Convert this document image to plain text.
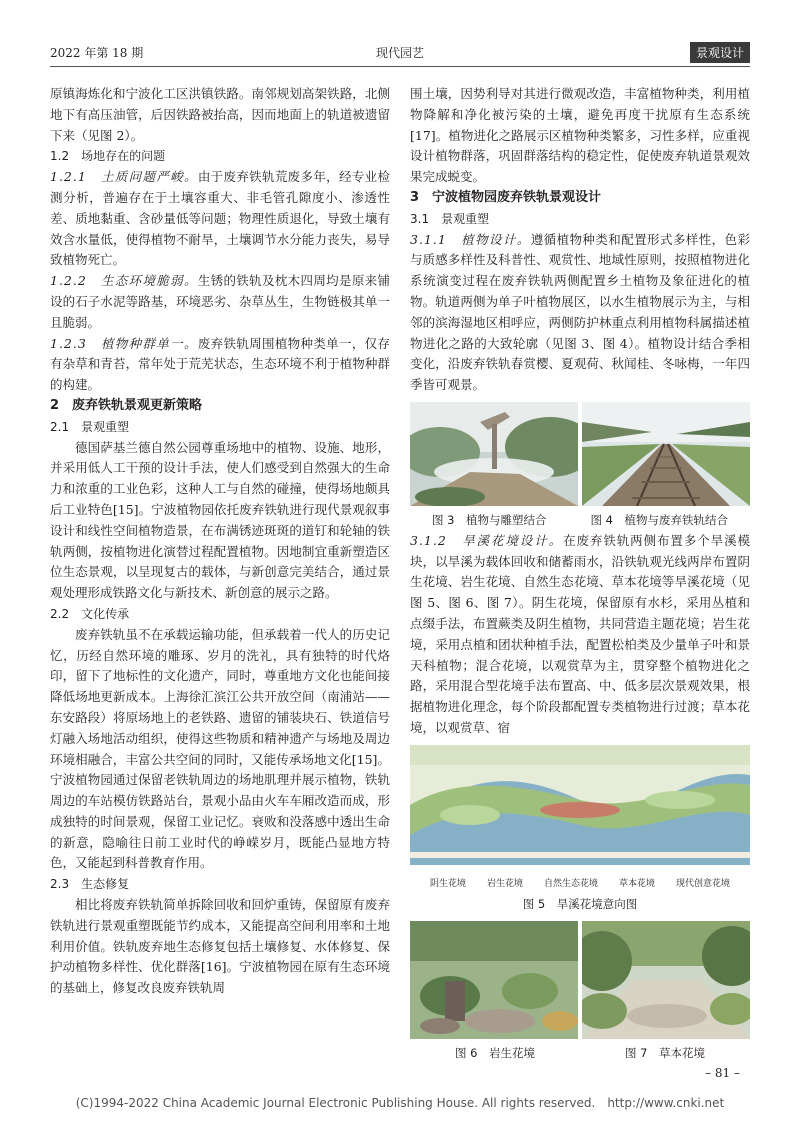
2022 年第 18 期	现代园艺	景观设计

原镇海炼化和宁波化工区洪镇铁路。南邻规划高架铁路，北侧地下有高压油管，后因铁路被抬高，因而地面上的轨道被遗留下来（见图 2）。

1.2　场地存在的问题

1.2.1　土质问题严峻。由于废弃铁轨荒废多年，经专业检测分析，普遍存在于土壤容重大、非毛管孔隙度小、渗透性差、质地黏重、含砂量低等问题；物理性质退化，导致土壤有效含水量低，使得植物不耐旱，土壤调节水分能力丧失，易导致植物死亡。

1.2.2　生态环境脆弱。生锈的铁轨及枕木四周均是原来铺设的石子水泥等路基，环境恶劣、杂草丛生，生物链极其单一且脆弱。

1.2.3　植物种群单一。废弃铁轨周围植物种类单一，仅存有杂草和青苔，常年处于荒芜状态，生态环境不利于植物种群的构建。

2　废弃铁轨景观更新策略

2.1　景观重塑

德国萨基兰德自然公园尊重场地中的植物、设施、地形，并采用低人工干预的设计手法，使人们感受到自然强大的生命力和浓重的工业色彩，这种人工与自然的碰撞，使得场地颇具后工业特色[15]。宁波植物园依托废弃铁轨进行现代景观叙事设计和线性空间植物造景，在布满锈迹斑斑的道钉和轮轴的铁轨两侧，按植物进化演替过程配置植物。因地制宜重新塑造区位生态景观，以呈现复古的载体，与新创意完美结合，通过景观处理形成铁路文化与新技术、新创意的展示之路。

2.2　文化传承

废弃铁轨虽不在承载运输功能，但承载着一代人的历史记忆，历经自然环境的雕琢、岁月的洗礼，具有独特的时代烙印，留下了地标性的文化遗产，同时，尊重地方文化也能间接降低场地更新成本。上海徐汇滨江公共开放空间（南浦站——东安路段）将原场地上的老铁路、遗留的铺装块石、铁道信号灯融入场地活动组织，使得这些物质和精神遗产与场地及周边环境相融合，丰富公共空间的同时，又能传承场地文化[15]。宁波植物园通过保留老铁轨周边的场地肌理并展示植物，铁轨周边的车站模仿铁路站台，景观小品由火车车厢改造而成，形成独特的时间景观，保留工业记忆。衰败和没落感中透出生命的新意，隐喻往日前工业时代的峥嵘岁月，既能凸显地方特色，又能起到科普教育作用。

2.3　生态修复

相比将废弃铁轨简单拆除回收和回炉重铸，保留原有废弃铁轨进行景观重塑既能节约成本，又能提高空间利用率和土地利用价值。铁轨废弃地生态修复包括土壤修复、水体修复、保护动植物多样性、优化群落[16]。宁波植物园在原有生态环境的基础上，修复改良废弃铁轨周

围土壤，因势利导对其进行微观改造，丰富植物种类，利用植物降解和净化被污染的土壤，避免再度干扰原有生态系统[17]。植物进化之路展示区植物种类繁多，习性多样，应重视设计植物群落，巩固群落结构的稳定性，促使废弃轨道景观效果完成蜕变。

3　宁波植物园废弃铁轨景观设计

3.1　景观重塑

3.1.1　植物设计。遵循植物种类和配置形式多样性，色彩与质感多样性及科普性、观赏性、地域性原则，按照植物进化系统演变过程在废弃铁轨两侧配置乡土植物及象征进化的植物。轨道两侧为单子叶植物展区，以水生植物展示为主，与相邻的滨海湿地区相呼应，两侧防护林重点利用植物科属描述植物进化之路的大致轮廓（见图 3、图 4）。植物设计结合季相变化，沿废弃铁轨春赏樱、夏观荷、秋闻桂、冬咏梅，一年四季皆可观景。

图 3　植物与雕塑结合	图 4　植物与废弃铁轨结合

3.1.2　旱溪花境设计。在废弃铁轨两侧布置多个旱溪模块，以旱溪为载体回收和储蓄雨水，沿铁轨观光线两岸布置阴生花境、岩生花境、自然生态花境、草本花境等旱溪花境（见图 5、图 6、图 7）。阴生花境，保留原有水杉，采用丛植和点缀手法，布置蕨类及阴生植物，共同营造主题花境；岩生花境，采用点植和团状种植手法，配置松柏类及少量单子叶和景天科植物；混合花境，以观赏草为主，贯穿整个植物进化之路，采用混合型花境手法布置高、中、低多层次景观效果，根据植物进化理念，每个阶段都配置专类植物进行过渡；草本花境，以观赏草、宿

阴生花境 岩生花境 自然生态花境 草本花境 现代创意花境
图 5　旱溪花境意向图
图 6　岩生花境	图 7　草本花境
– 81 –
(C)1994-2022 China Academic Journal Electronic Publishing House. All rights reserved.　http://www.cnki.net
